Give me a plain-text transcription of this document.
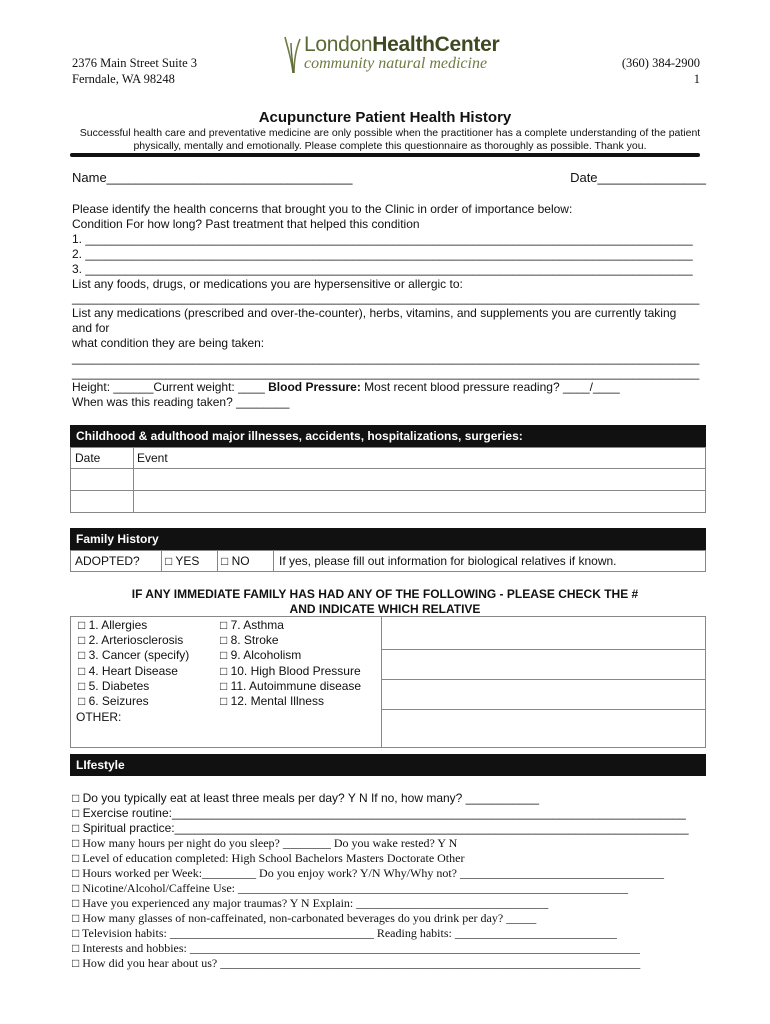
2376 Main Street Suite 3
Ferndale, WA 98248
LondonHealthCenter
community natural medicine	(360) 384-2900
1
Acupuncture Patient Health History
Successful health care and preventative medicine are only possible when the practitioner has a complete understanding of the patient physically, mentally and emotionally. Please complete this questionnaire as thoroughly as possible. Thank you.
Name__________________________________	Date_______________
Please identify the health concerns that brought you to the Clinic in order of importance below:
Condition For how long? Past treatment that helped this condition
1. ___________________________________________________________________________________________
2. ___________________________________________________________________________________________
3. ___________________________________________________________________________________________
List any foods, drugs, or medications you are hypersensitive or allergic to:
______________________________________________________________________________________________
List any medications (prescribed and over-the-counter), herbs, vitamins, and supplements you are currently taking
and for
what condition they are being taken:
______________________________________________________________________________________________
______________________________________________________________________________________________
Height: ______Current weight: ____ Blood Pressure: Most recent blood pressure reading? ____/____
When was this reading taken? ________
Childhood & adulthood major illnesses, accidents, hospitalizations, surgeries:
Date	Event
Family History
ADOPTED? □ YES □ NO If yes, please fill out information for biological relatives if known.
IF ANY IMMEDIATE FAMILY HAS HAD ANY OF THE FOLLOWING - PLEASE CHECK THE #
AND INDICATE WHICH RELATIVE
□ 1. Allergies
□ 2. Arteriosclerosis
□ 3. Cancer (specify)
□ 4. Heart Disease
□ 5. Diabetes
□ 6. Seizures
□ 7. Asthma
□ 8. Stroke
□ 9. Alcoholism
□ 10. High Blood Pressure
□ 11. Autoimmune disease
□ 12. Mental Illness
OTHER:
LIfestyle
□ Do you typically eat at least three meals per day? Y N If no, how many? ___________
□ Exercise routine:_____________________________________________________________________________
□ Spiritual practice:_____________________________________________________________________________
□ How many hours per night do you sleep? ________ Do you wake rested? Y N
□ Level of education completed: High School Bachelors Masters Doctorate Other
□ Hours worked per Week:_________ Do you enjoy work? Y/N Why/Why not? __________________________________
□ Nicotine/Alcohol/Caffeine Use: _________________________________________________________________
□ Have you experienced any major traumas? Y N Explain: ________________________________
□ How many glasses of non-caffeinated, non-carbonated beverages do you drink per day? _____
□ Television habits: __________________________________ Reading habits: ___________________________
□ Interests and hobbies: ___________________________________________________________________________
□ How did you hear about us? ______________________________________________________________________
